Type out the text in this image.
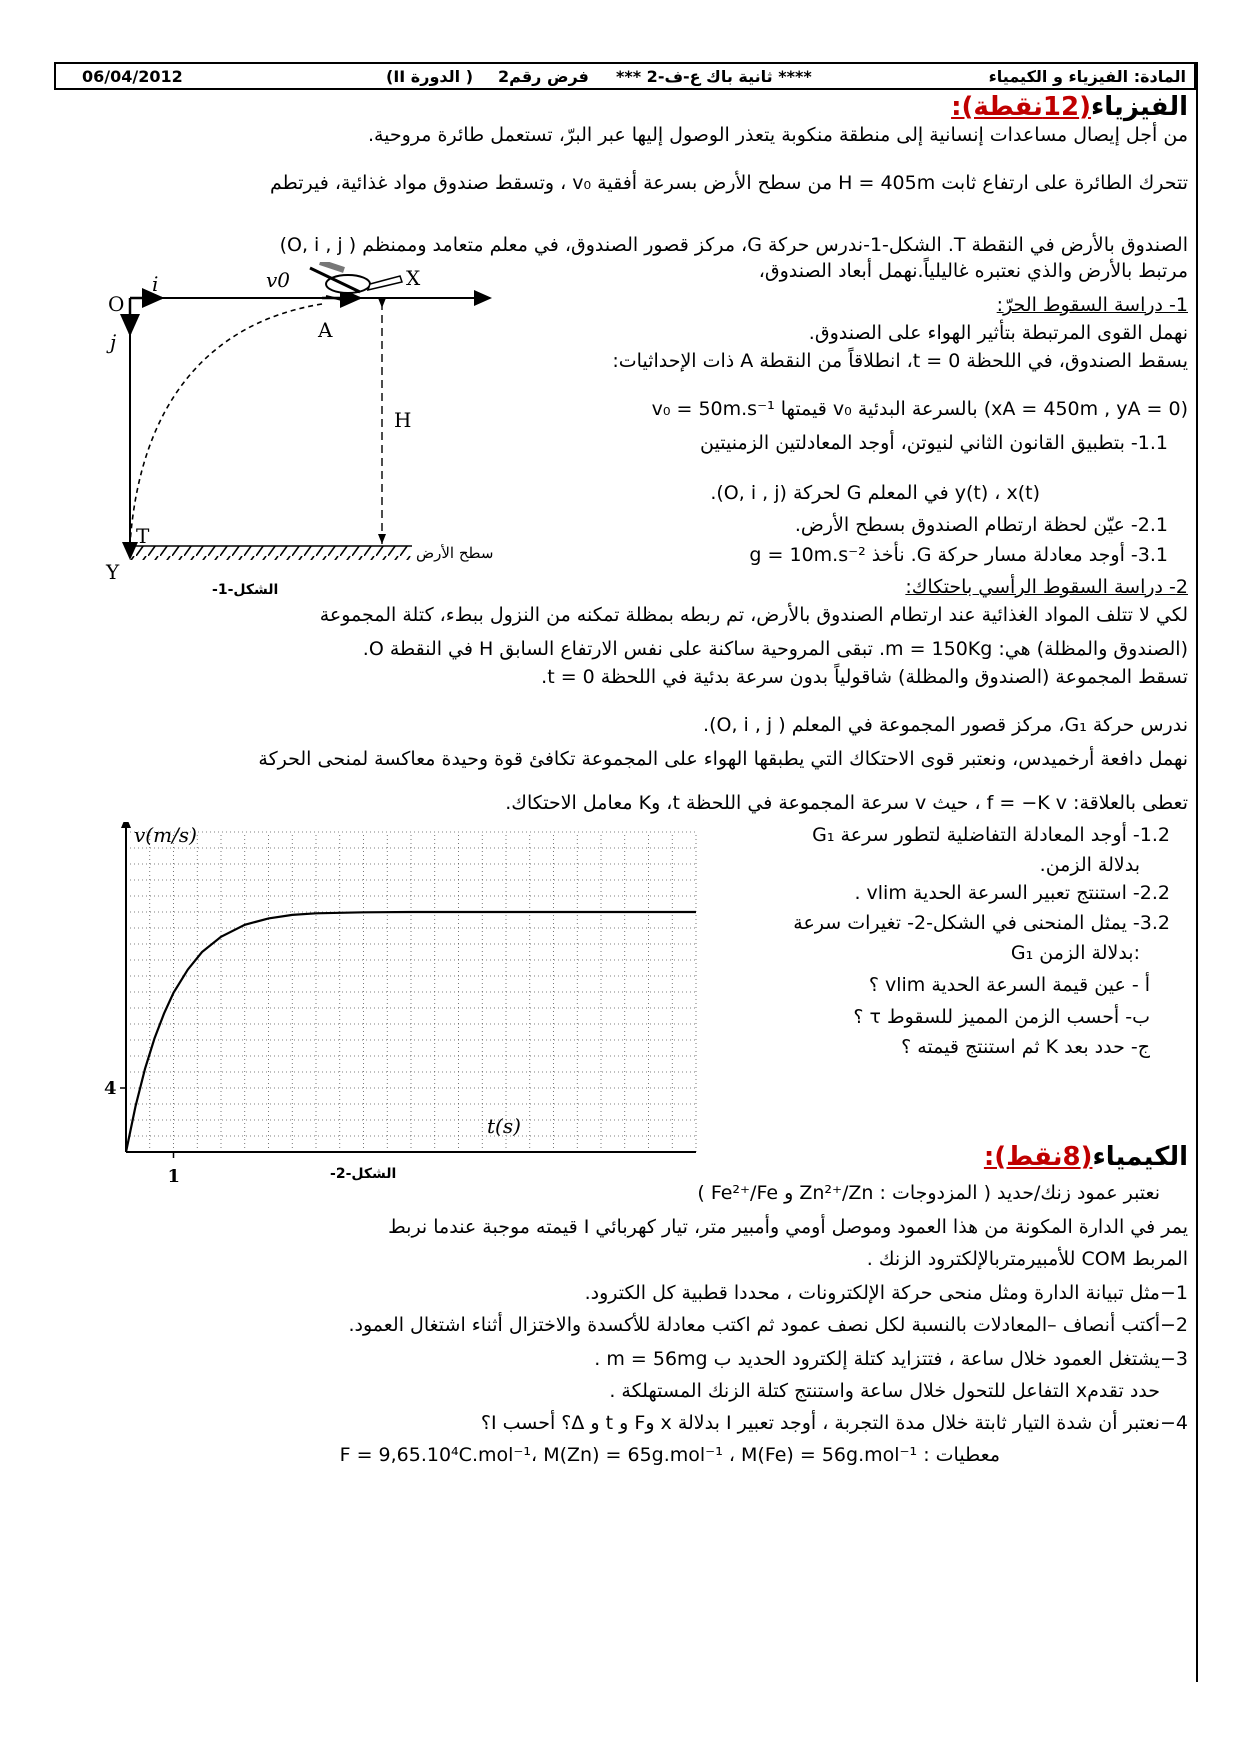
06/04/2012	( الدورة II) فرض رقم2 **** ثانية باك ع-ف-2 ***	المادة: الفيزياء و الكيمياء
الفيزياء(12نقطة):
من أجل إيصال مساعدات إنسانية إلى منطقة منكوبة يتعذر الوصول إليها عبر البرّ، تستعمل طائرة مروحية.
تتحرك الطائرة على ارتفاع ثابت H = 405m من سطح الأرض بسرعة أفقية v₀ ، وتسقط صندوق مواد غذائية، فيرتطم
الصندوق بالأرض في النقطة T. الشكل-1-ندرس حركة G، مركز قصور الصندوق، في معلم متعامد وممنظم ( O, i , j)
مرتبط بالأرض والذي نعتبره غاليلياً.نهمل أبعاد الصندوق،
1- دراسة السقوط الحرّ:
نهمل القوى المرتبطة بتأثير الهواء على الصندوق.
يسقط الصندوق، في اللحظة t = 0، انطلاقاً من النقطة A ذات الإحداثيات:
v₀ = 50m.s⁻¹ قيمتها v₀ بالسرعة البدئية (xA = 450m , yA = 0)
1.1- بتطبيق القانون الثاني لنيوتن، أوجد المعادلتين الزمنيتين
.(O, i , j) لحركة G في المعلم y(t) ، x(t)
2.1- عيّن لحظة ارتطام الصندوق بسطح الأرض.
3.1- أوجد معادلة مسار حركة G. نأخذ g = 10m.s⁻²
O
i
j
v0	X
A
H
T
Y
سطح الأرض
الشكل-1-	2- دراسة السقوط الرأسي باحتكاك:
لكي لا تتلف المواد الغذائية عند ارتطام الصندوق بالأرض، تم ربطه بمظلة تمكنه من النزول ببطء، كتلة المجموعة
(الصندوق والمظلة) هي: m = 150Kg. تبقى المروحية ساكنة على نفس الارتفاع السابق H في النقطة O.
تسقط المجموعة (الصندوق والمظلة) شاقولياً بدون سرعة بدئية في اللحظة t = 0.
ندرس حركة G₁، مركز قصور المجموعة في المعلم ( O, i , j).
نهمل دافعة أرخميدس، ونعتبر قوى الاحتكاك التي يطبقها الهواء على المجموعة تكافئ قوة وحيدة معاكسة لمنحى الحركة
تعطى بالعلاقة: f = −K v ، حيث v سرعة المجموعة في اللحظة t، وK معامل الاحتكاك.
1.2- أوجد المعادلة التفاضلية لتطور سرعة G₁
بدلالة الزمن.
2.2- استنتج تعبير السرعة الحدية vlim .
3.2- يمثل المنحنى في الشكل-2- تغيرات سرعة
G₁ بدلالة الزمن:
أ - عين قيمة السرعة الحدية vlim ؟
ب- أحسب الزمن المميز للسقوط τ ؟
ج- حدد بعد K ثم استنتج قيمته ؟
1
4
v(m/s)
t(s)
الشكل-2-
الكيمياء(8نقط):
نعتبر عمود زنك/حديد ( المزدوجات : Zn²⁺/Zn و Fe²⁺/Fe )
يمر في الدارة المكونة من هذا العمود وموصل أومي وأمبير متر، تيار كهربائي I قيمته موجبة عندما نربط
المربط COM للأمبيرمتربالإلكترود الزنك .
1−مثل تبيانة الدارة ومثل منحى حركة الإلكترونات ، محددا قطبية كل الكترود.
2−أكتب أنصاف –المعادلات بالنسبة لكل نصف عمود ثم اكتب معادلة للأكسدة والاختزال أثناء اشتغال العمود.
3−يشتغل العمود خلال ساعة ، فتتزايد كتلة إلكترود الحديد ب m = 56mg .
حدد تقدمx التفاعل للتحول خلال ساعة واستنتج كتلة الزنك المستهلكة .
4−نعتبر أن شدة التيار ثابتة خلال مدة التجربة ، أوجد تعبير I بدلالة x وF و t و Δ؟ أحسب I؟
معطيات : F = 9,65.10⁴C.mol⁻¹، M(Zn) = 65g.mol⁻¹ ، M(Fe) = 56g.mol⁻¹
